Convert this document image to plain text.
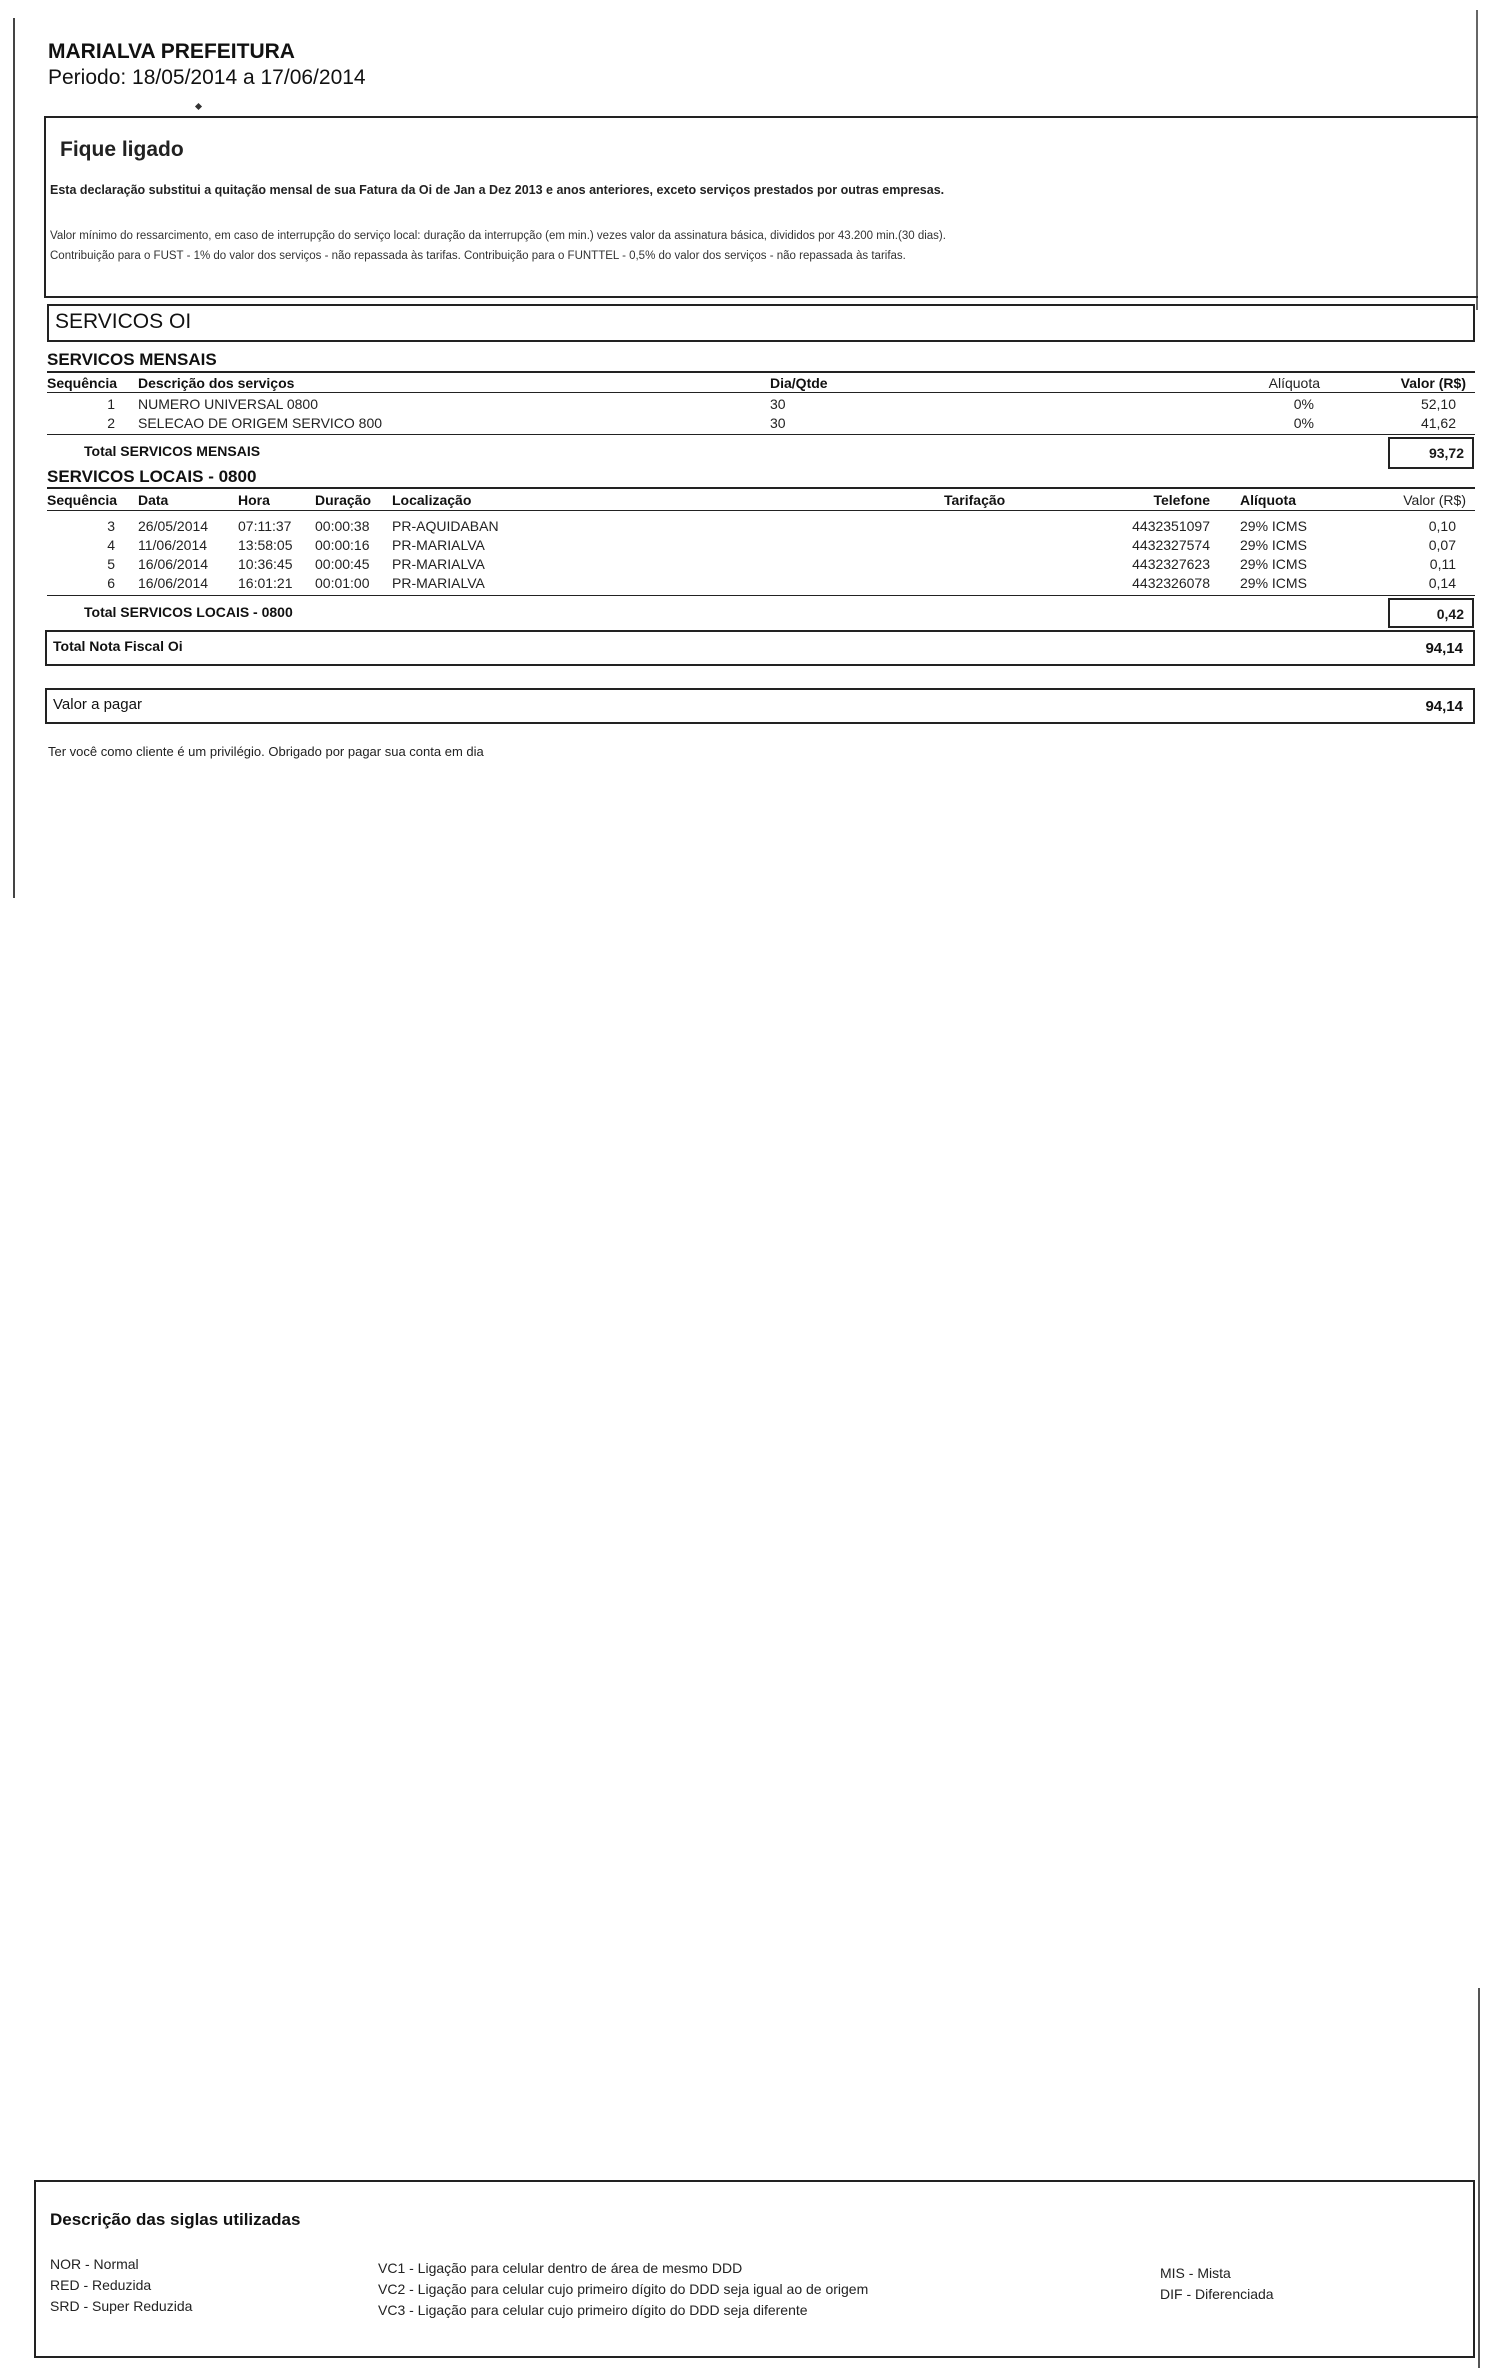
MARIALVA PREFEITURA
Periodo: 18/05/2014 a 17/06/2014
Fique ligado
Esta declaração substitui a quitação mensal de sua Fatura da Oi de Jan a Dez 2013 e anos anteriores, exceto serviços prestados por outras empresas.
Valor mínimo do ressarcimento, em caso de interrupção do serviço local: duração da interrupção (em min.) vezes valor da assinatura básica, divididos por 43.200 min.(30 dias).
Contribuição para o FUST - 1% do valor dos serviços - não repassada às tarifas. Contribuição para o FUNTTEL - 0,5% do valor dos serviços - não repassada às tarifas.
SERVICOS OI
SERVICOS MENSAIS
Sequência Descrição dos serviços	Dia/Qtde	Alíquota	Valor (R$)
1 NUMERO UNIVERSAL 0800	30	0%	52,10
2 SELECAO DE ORIGEM SERVICO 800	30	0%	41,62
Total SERVICOS MENSAIS	93,72
SERVICOS LOCAIS - 0800
Sequência Data	Hora	Duração Localização	Tarifação	Telefone Alíquota	Valor (R$)
3 26/05/2014 07:11:37 00:00:38 PR-AQUIDABAN	4432351097 29% ICMS	0,10
4 11/06/2014 13:58:05 00:00:16 PR-MARIALVA	4432327574 29% ICMS	0,07
5 16/06/2014 10:36:45 00:00:45 PR-MARIALVA	4432327623 29% ICMS	0,11
6 16/06/2014 16:01:21 00:01:00 PR-MARIALVA	4432326078 29% ICMS	0,14
Total SERVICOS LOCAIS - 0800	0,42
Total Nota Fiscal Oi	94,14
Valor a pagar	94,14
Ter você como cliente é um privilégio. Obrigado por pagar sua conta em dia
Descrição das siglas utilizadas
NOR - Normal
RED - Reduzida
SRD - Super Reduzida
VC1 - Ligação para celular dentro de área de mesmo DDD
VC2 - Ligação para celular cujo primeiro dígito do DDD seja igual ao de origem
VC3 - Ligação para celular cujo primeiro dígito do DDD seja diferente
MIS - Mista
DIF - Diferenciada
